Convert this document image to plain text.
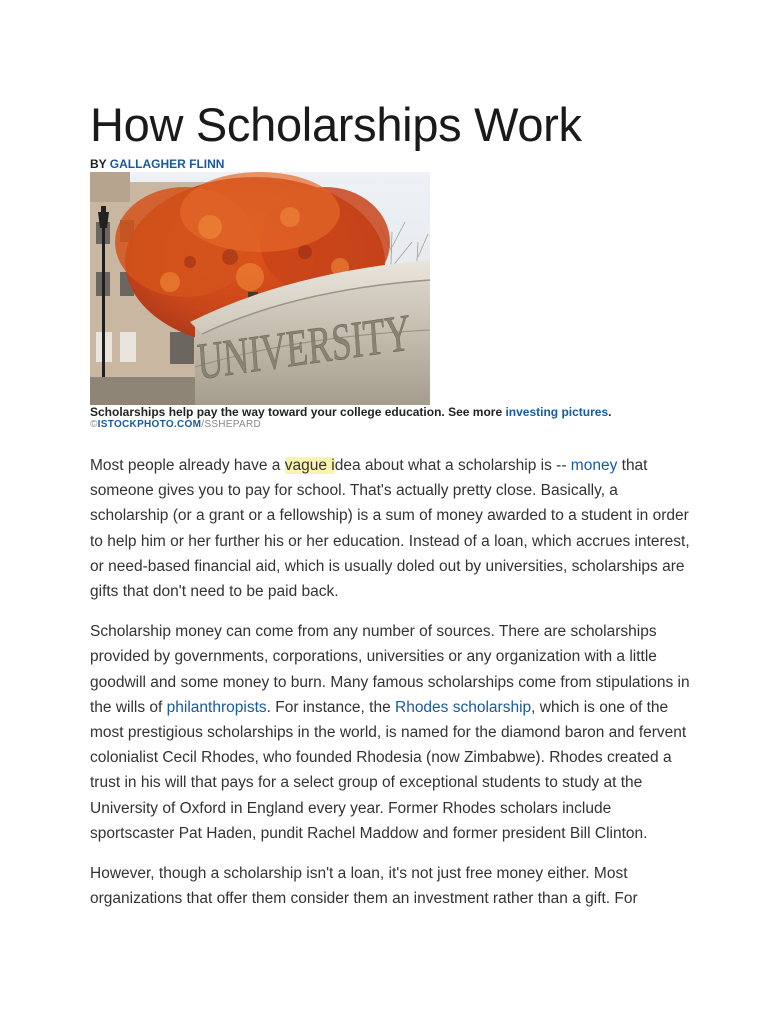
How Scholarships Work
BY GALLAGHER FLINN
UNIVERSITY
Scholarships help pay the way toward your college education. See more investing pictures.
©ISTOCKPHOTO.COM/SSHEPARD

Most people already have a vague idea about what a scholarship is -- money that someone gives you to pay for school. That's actually pretty close. Basically, a scholarship (or a grant or a fellowship) is a sum of money awarded to a student in order to help him or her further his or her education. Instead of a loan, which accrues interest, or need-based financial aid, which is usually doled out by universities, scholarships are gifts that don't need to be paid back.

Scholarship money can come from any number of sources. There are scholarships provided by governments, corporations, universities or any organization with a little goodwill and some money to burn. Many famous scholarships come from stipulations in the wills of philanthropists. For instance, the Rhodes scholarship, which is one of the most prestigious scholarships in the world, is named for the diamond baron and fervent colonialist Cecil Rhodes, who founded Rhodesia (now Zimbabwe). Rhodes created a trust in his will that pays for a select group of exceptional students to study at the University of Oxford in England every year. Former Rhodes scholars include sportscaster Pat Haden, pundit Rachel Maddow and former president Bill Clinton.

However, though a scholarship isn't a loan, it's not just free money either. Most organizations that offer them consider them an investment rather than a gift. For
